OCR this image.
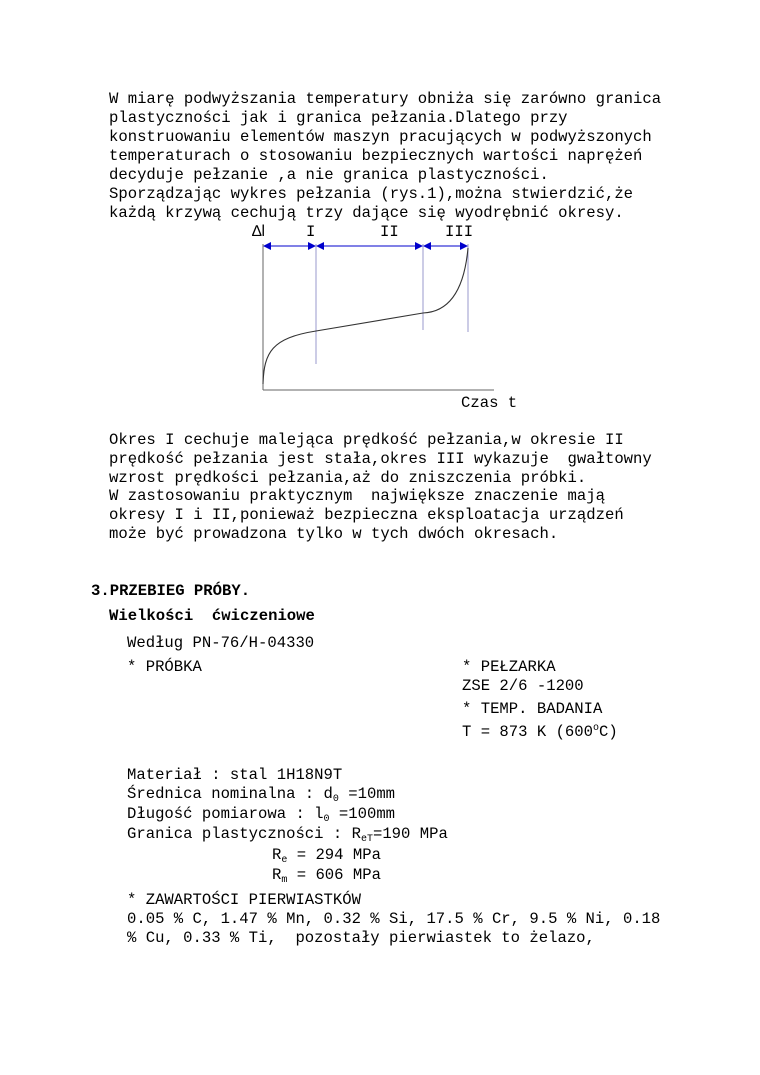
W miarę podwyższania temperatury obniża się zarówno granica
plastyczności jak i granica pełzania.Dlatego przy
konstruowaniu elementów maszyn pracujących w podwyższonych
temperaturach o stosowaniu bezpiecznych wartości naprężeń
decyduje pełzanie ,a nie granica plastyczności.
Sporządzając wykres pełzania (rys.1),można stwierdzić,że
każdą krzywą cechują trzy dające się wyodrębnić okresy.
∆l	I	II	III
Czas t
Okres I cechuje malejąca prędkość pełzania,w okresie II
prędkość pełzania jest stała,okres III wykazuje  gwałtowny
wzrost prędkości pełzania,aż do zniszczenia próbki.
W zastosowaniu praktycznym  największe znaczenie mają
okresy I i II,ponieważ bezpieczna eksploatacja urządzeń
może być prowadzona tylko w tych dwóch okresach.
3.PRZEBIEG PRÓBY.
Wielkości  ćwiczeniowe
Według PN-76/H-04330
* PRÓBKA	* PEŁZARKA
ZSE 2/6 -1200
* TEMP. BADANIA
T = 873 K (600$^o$C)
Materiał : stal 1H18N9T
Średnica nominalna : $d_0 =10mm$
Długość pomiarowa : $l_0 =100mm$
Granica plastyczności : $R_{eT}=190$ MPa
$R_e = 294$ MPa
$R_m = 606$ MPa
* ZAWARTOŚCI PIERWIASTKÓW
0.05 % C, 1.47 % Mn, 0.32 % Si, 17.5 % Cr, 9.5 % Ni, 0.18
% Cu, 0.33 % Ti,  pozostały pierwiastek to żelazo,
